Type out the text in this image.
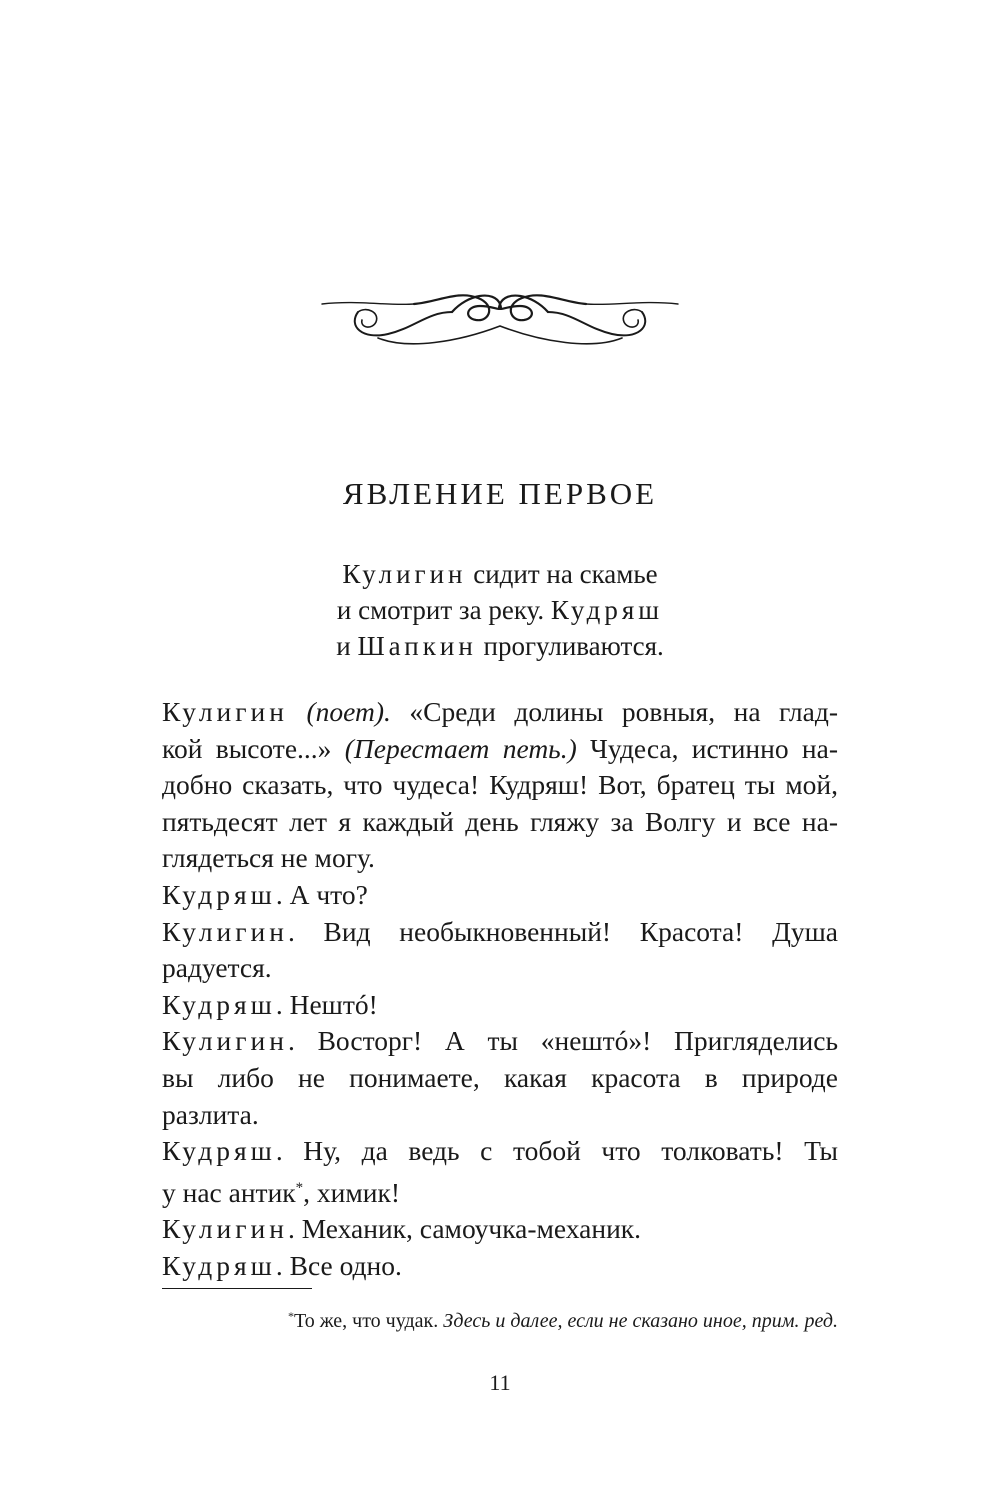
ЯВЛЕНИЕ ПЕРВОЕ
Кулигин сидит на скамье
и смотрит за реку. Кудряш
и Шапкин прогуливаются.
Кулигин (поет). «Среди долины ровныя, на глад-
кой высоте...» (Перестает петь.) Чудеса, истинно на-
добно сказать, что чудеса! Кудряш! Вот, братец ты мой,
пятьдесят лет я каждый день гляжу за Волгу и все на-
глядеться не могу.
Кудряш. А что?
Кулигин. Вид необыкновенный! Красота! Душа
радуется.
Кудряш. Нештó!
Кулигин. Восторг! А ты «нештó»! Пригляделись
вы либо не понимаете, какая красота в природе
разлита.
Кудряш. Ну, да ведь с тобой что толковать! Ты
у нас антик*, химик!
Кулигин. Механик, самоучка-механик.
Кудряш. Все одно.
*То же, что чудак. Здесь и далее, если не сказано иное, прим. ред.
11
